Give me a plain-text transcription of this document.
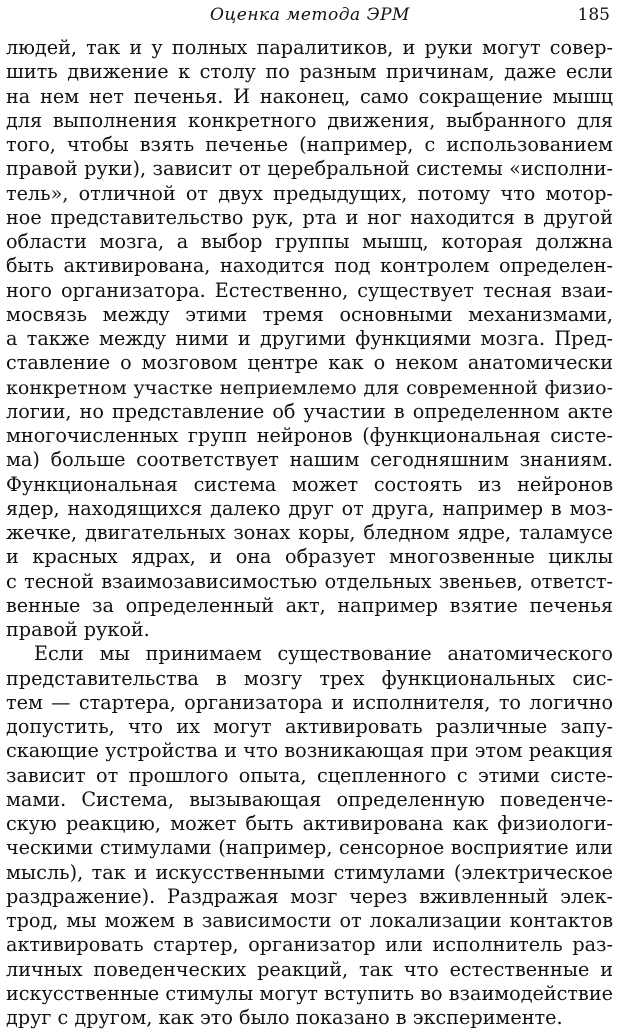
Оценка метода ЭРМ	185
людей, так и у полных паралитиков, и руки могут совер-
шить движение к столу по разным причинам, даже если
на нем нет печенья. И наконец, само сокращение мышц
для выполнения конкретного движения, выбранного для
того, чтобы взять печенье (например, с использованием
правой руки), зависит от церебральной системы «исполни-
тель», отличной от двух предыдущих, потому что мотор-
ное представительство рук, рта и ног находится в другой
области мозга, а выбор группы мышц, которая должна
быть активирована, находится под контролем определен-
ного организатора. Естественно, существует тесная взаи-
мосвязь между этими тремя основными механизмами,
а также между ними и другими функциями мозга. Пред-
ставление о мозговом центре как о неком анатомически
конкретном участке неприемлемо для современной физио-
логии, но представление об участии в определенном акте
многочисленных групп нейронов (функциональная систе-
ма) больше соответствует нашим сегодняшним знаниям.
Функциональная система может состоять из нейронов
ядер, находящихся далеко друг от друга, например в моз-
жечке, двигательных зонах коры, бледном ядре, таламусе
и красных ядрах, и она образует многозвенные циклы
с тесной взаимозависимостью отдельных звеньев, ответст-
венные за определенный акт, например взятие печенья
правой рукой.
Если мы принимаем существование анатомического
представительства в мозгу трех функциональных сис-
тем — стартера, организатора и исполнителя, то логично
допустить, что их могут активировать различные запу-
скающие устройства и что возникающая при этом реакция
зависит от прошлого опыта, сцепленного с этими систе-
мами. Система, вызывающая определенную поведенче-
скую реакцию, может быть активирована как физиологи-
ческими стимулами (например, сенсорное восприятие или
мысль), так и искусственными стимулами (электрическое
раздражение). Раздражая мозг через вживленный элек-
трод, мы можем в зависимости от локализации контактов
активировать стартер, организатор или исполнитель раз-
личных поведенческих реакций, так что естественные и
искусственные стимулы могут вступить во взаимодействие
друг с другом, как это было показано в эксперименте.
